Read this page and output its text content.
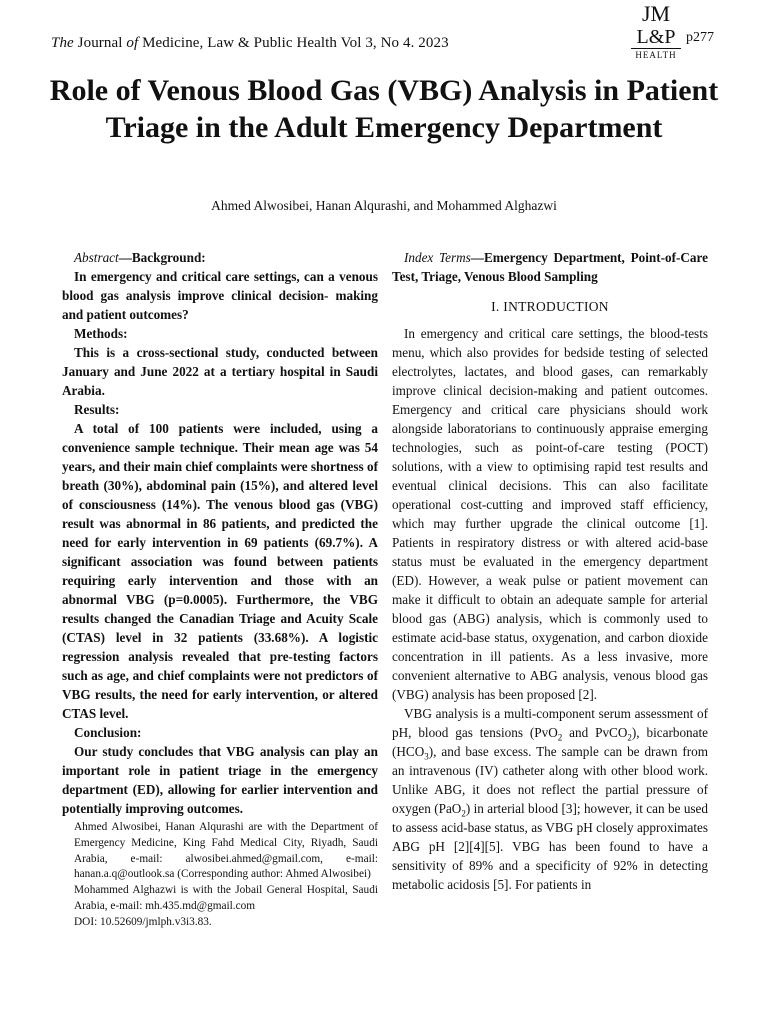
The Journal of Medicine, Law & Public Health Vol 3, No 4. 2023
JM
L&P
HEALTH
p277
Role of Venous Blood Gas (VBG) Analysis in Patient Triage in the Adult Emergency Department
Ahmed Alwosibei, Hanan Alqurashi, and Mohammed Alghazwi

Abstract—Background:

In emergency and critical care settings, can a venous blood gas analysis improve clinical decision- making and patient outcomes?

Methods:

This is a cross-sectional study, conducted between January and June 2022 at a tertiary hospital in Saudi Arabia.

Results:

A total of 100 patients were included, using a convenience sample technique. Their mean age was 54 years, and their main chief complaints were shortness of breath (30%), abdominal pain (15%), and altered level of consciousness (14%). The venous blood gas (VBG) result was abnormal in 86 patients, and predicted the need for early intervention in 69 patients (69.7%). A significant association was found between patients requiring early intervention and those with an abnormal VBG (p=0.0005). Furthermore, the VBG results changed the Canadian Triage and Acuity Scale (CTAS) level in 32 patients (33.68%). A logistic regression analysis revealed that pre-testing factors such as age, and chief complaints were not predictors of VBG results, the need for early intervention, or altered CTAS level.

Conclusion:

Our study concludes that VBG analysis can play an important role in patient triage in the emergency department (ED), allowing for earlier intervention and potentially improving outcomes.

Ahmed Alwosibei, Hanan Alqurashi are with the Department of Emergency Medicine, King Fahd Medical City, Riyadh, Saudi Arabia, e-mail: alwosibei.ahmed@gmail.com, e-mail: hanan.a.q@outlook.sa (Corresponding author: Ahmed Alwosibei)

Mohammed Alghazwi is with the Jobail General Hospital, Saudi Arabia, e-mail: mh.435.md@gmail.com

DOI: 10.52609/jmlph.v3i3.83.

Index Terms—Emergency Department, Point-of-Care Test, Triage, Venous Blood Sampling

I. INTRODUCTION

In emergency and critical care settings, the blood-tests menu, which also provides for bedside testing of selected electrolytes, lactates, and blood gases, can remarkably improve clinical decision-making and patient outcomes. Emergency and critical care physicians should work alongside laboratorians to continuously appraise emerging technologies, such as point-of-care testing (POCT) solutions, with a view to optimising rapid test results and eventual clinical decisions. This can also facilitate operational cost-cutting and improved staff efficiency, which may further upgrade the clinical outcome [1]. Patients in respiratory distress or with altered acid-base status must be evaluated in the emergency department (ED). However, a weak pulse or patient movement can make it difficult to obtain an adequate sample for arterial blood gas (ABG) analysis, which is commonly used to estimate acid-base status, oxygenation, and carbon dioxide concentration in ill patients. As a less invasive, more convenient alternative to ABG analysis, venous blood gas (VBG) analysis has been proposed [2].

VBG analysis is a multi-component serum assessment of pH, blood gas tensions (PvO$_2$ and PvCO$_2$), bicarbonate $(HCO_3)$, and base excess. The sample can be drawn from an intravenous (IV) catheter along with other blood work. Unlike ABG, it does not reflect the partial pressure of oxygen (PaO$_2$) in arterial blood [3]; however, it can be used to assess acid-base status, as VBG pH closely approximates ABG pH [2][4][5]. VBG has been found to have a sensitivity of 89% and a specificity of 92% in detecting metabolic acidosis [5]. For patients in
